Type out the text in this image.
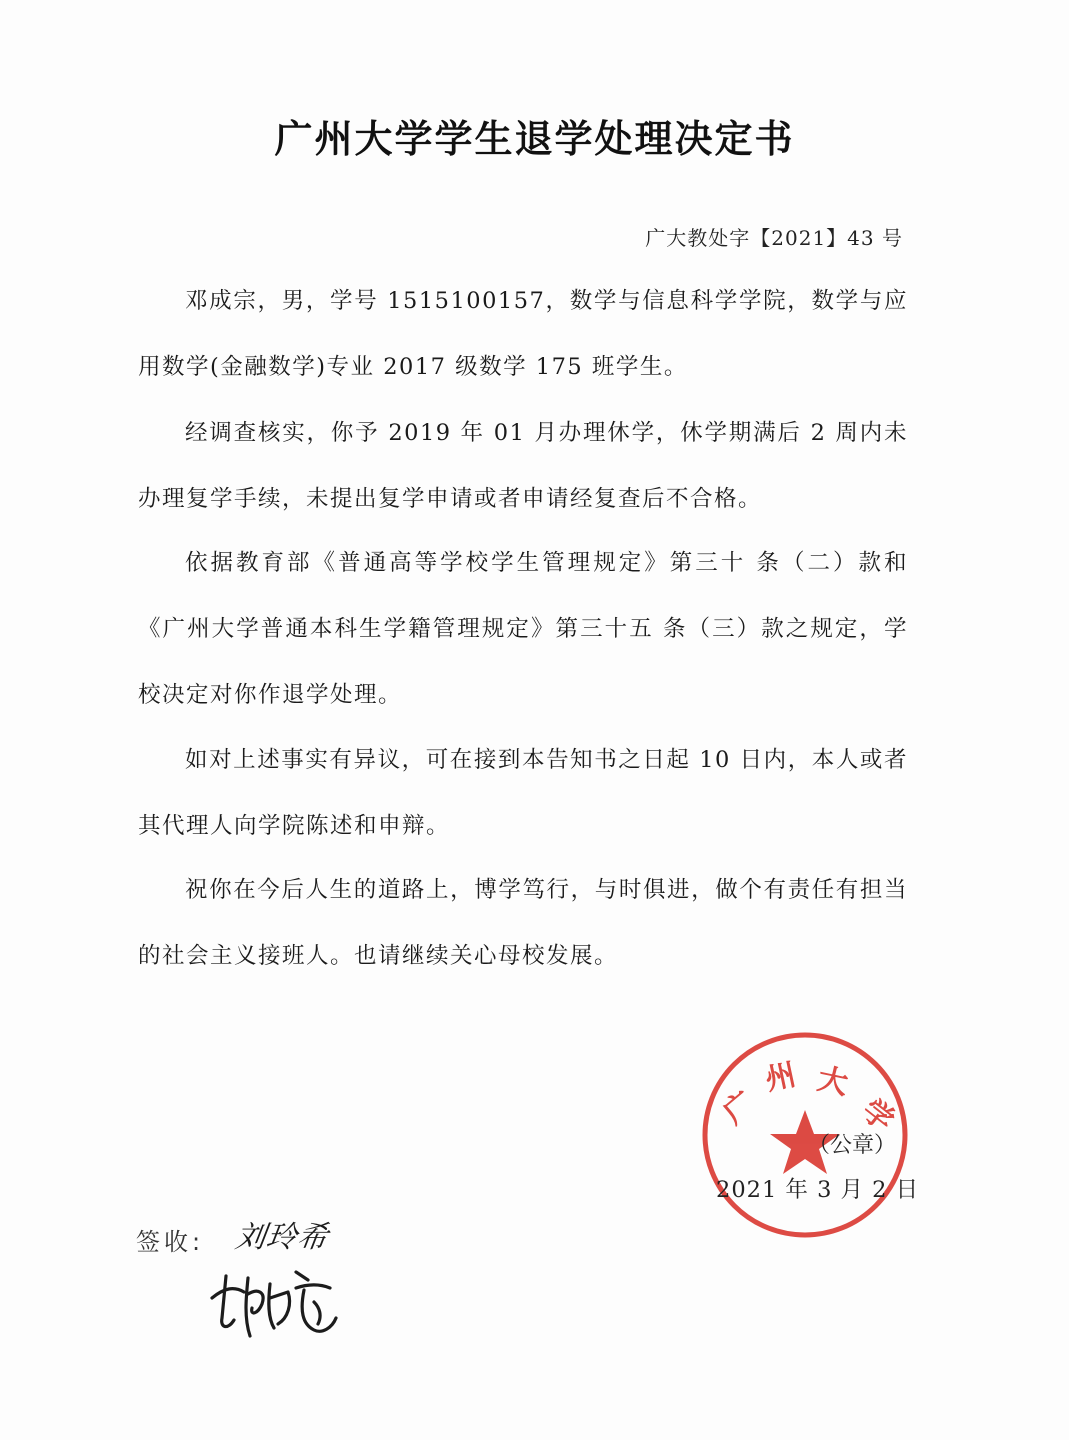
广州大学学生退学处理决定书
广大教处字【2021】43 号

邓成宗，男，学号 1515100157，数学与信息科学学院，数学与应用数学(金融数学)专业 2017 级数学 175 班学生。

经调查核实，你予 2019 年 01 月办理休学，休学期满后 2 周内未办理复学手续，未提出复学申请或者申请经复查后不合格。

依据教育部《普通高等学校学生管理规定》第三十 条（二）款和《广州大学普通本科生学籍管理规定》第三十五 条（三）款之规定，学校决定对你作退学处理。

如对上述事实有异议，可在接到本告知书之日起 10 日内，本人或者其代理人向学院陈述和申辩。

祝你在今后人生的道路上，博学笃行，与时俱进，做个有责任有担当的社会主义接班人。也请继续关心母校发展。

广
州 大
学
（公章）
2021 年 3 月 2 日
签收: 刘玲希
